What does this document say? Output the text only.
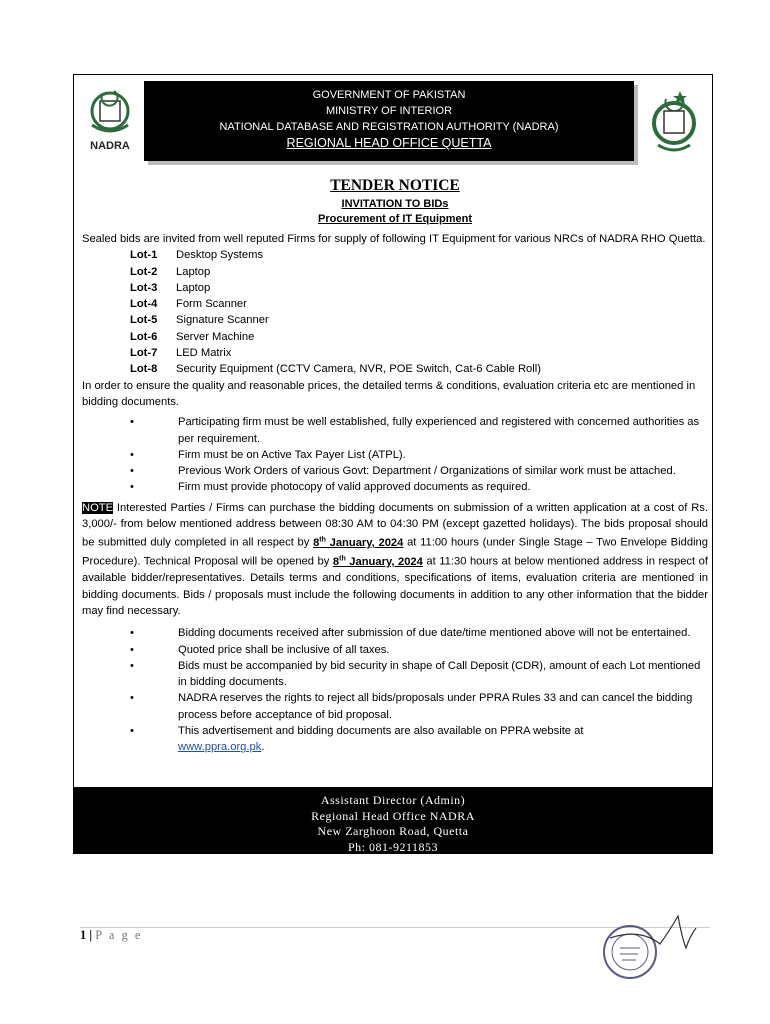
NADRA
GOVERNMENT OF PAKISTAN
MINISTRY OF INTERIOR
NATIONAL DATABASE AND REGISTRATION AUTHORITY (NADRA)
REGIONAL HEAD OFFICE QUETTA
TENDER NOTICE
INVITATION TO BIDs
Procurement of IT Equipment
Sealed bids are invited from well reputed Firms for supply of following IT Equipment for various NRCs of NADRA RHO Quetta.
Lot-1	Desktop Systems
Lot-2	Laptop
Lot-3	Laptop
Lot-4	Form Scanner
Lot-5	Signature Scanner
Lot-6	Server Machine
Lot-7	LED Matrix
Lot-8	Security Equipment (CCTV Camera, NVR, POE Switch, Cat-6 Cable Roll)
In order to ensure the quality and reasonable prices, the detailed terms & conditions, evaluation criteria etc are mentioned in bidding documents.
•	Participating firm must be well established, fully experienced and registered with concerned authorities as per requirement.
•	Firm must be on Active Tax Payer List (ATPL).
•	Previous Work Orders of various Govt: Department / Organizations of similar work must be attached.
•	Firm must provide photocopy of valid approved documents as required.
NOTE Interested Parties / Firms can purchase the bidding documents on submission of a written application at a cost of Rs. 3,000/- from below mentioned address between 08:30 AM to 04:30 PM (except gazetted holidays). The bids proposal should be submitted duly completed in all respect by 8th January, 2024 at 11:00 hours (under Single Stage – Two Envelope Bidding Procedure). Technical Proposal will be opened by 8th January, 2024 at 11:30 hours at below mentioned address in respect of available bidder/representatives. Details terms and conditions, specifications of items, evaluation criteria are mentioned in bidding documents. Bids / proposals must include the following documents in addition to any other information that the bidder may find necessary.
•	Bidding documents received after submission of due date/time mentioned above will not be entertained.
•	Quoted price shall be inclusive of all taxes.
•	Bids must be accompanied by bid security in shape of Call Deposit (CDR), amount of each Lot mentioned in bidding documents.
•	NADRA reserves the rights to reject all bids/proposals under PPRA Rules 33 and can cancel the bidding process before acceptance of bid proposal.
•	This advertisement and bidding documents are also available on PPRA website at
www.ppra.org.pk.
Assistant Director (Admin)
Regional Head Office NADRA
New Zarghoon Road, Quetta
Ph: 081-9211853
1 | P a g e
